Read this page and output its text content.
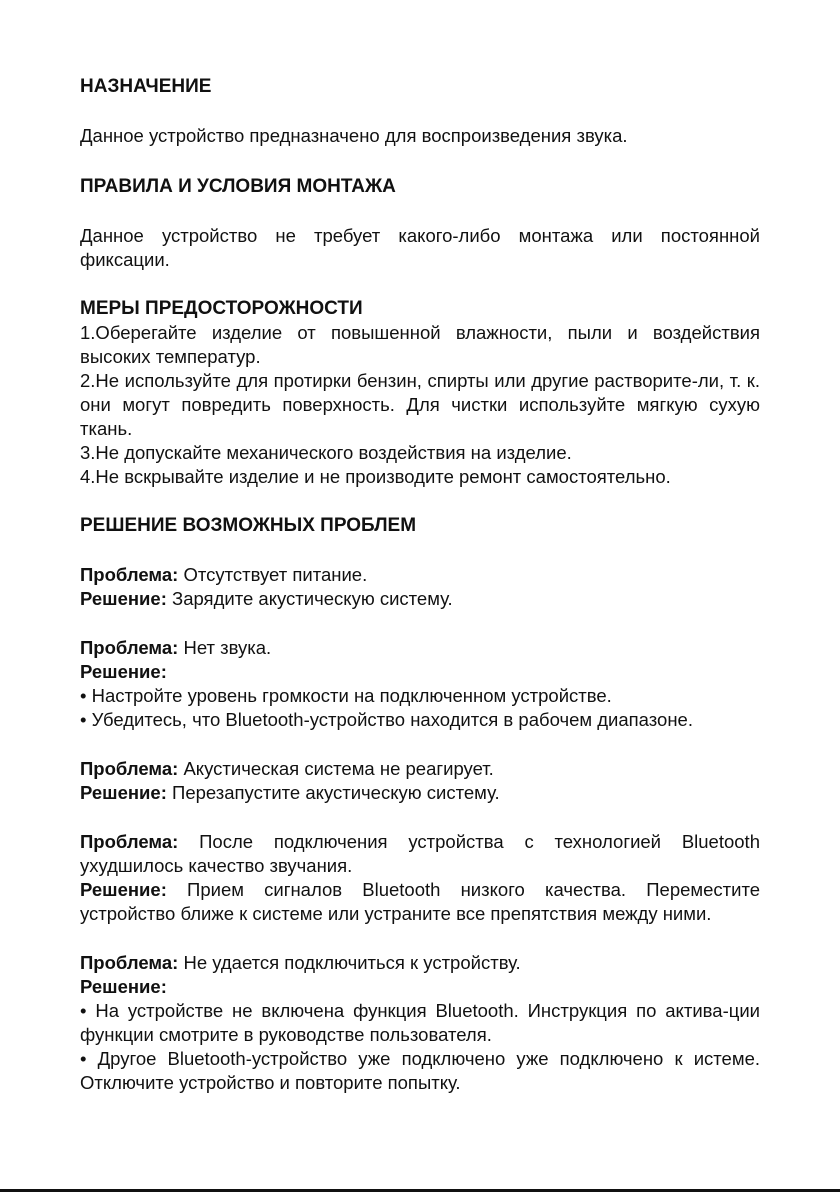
НАЗНАЧЕНИЕ

Данное устройство предназначено для воспроизведения звука.

ПРАВИЛА И УСЛОВИЯ МОНТАЖА

Данное устройство не требует какого-либо монтажа или постоянной фиксации.

МЕРЫ ПРЕДОСТОРОЖНОСТИ

1.Оберегайте изделие от повышенной влажности, пыли и воздействия высоких температур.

2.Не используйте для протирки бензин, спирты или другие растворите-ли, т. к. они могут повредить поверхность. Для чистки используйте мягкую сухую ткань.

3.Не допускайте механического воздействия на изделие.

4.Не вскрывайте изделие и не производите ремонт самостоятельно.

РЕШЕНИЕ ВОЗМОЖНЫХ ПРОБЛЕМ

Проблема: Отсутствует питание.

Решение: Зарядите акустическую систему.

Проблема: Нет звука.

Решение:

• Настройте уровень громкости на подключенном устройстве.

• Убедитесь, что Bluetooth-устройство находится в рабочем диапазоне.

Проблема: Акустическая система не реагирует.

Решение: Перезапустите акустическую систему.

Проблема: После подключения устройства с технологией Bluetooth ухудшилось качество звучания.

Решение: Прием сигналов Bluetooth низкого качества. Переместите устройство ближе к системе или устраните все препятствия между ними.

Проблема: Не удается подключиться к устройству.

Решение:

• На устройстве не включена функция Bluetooth. Инструкция по актива-ции функции смотрите в руководстве пользователя.

• Другое Bluetooth-устройство уже подключено уже подключено к истеме. Отключите устройство и повторите попытку.
